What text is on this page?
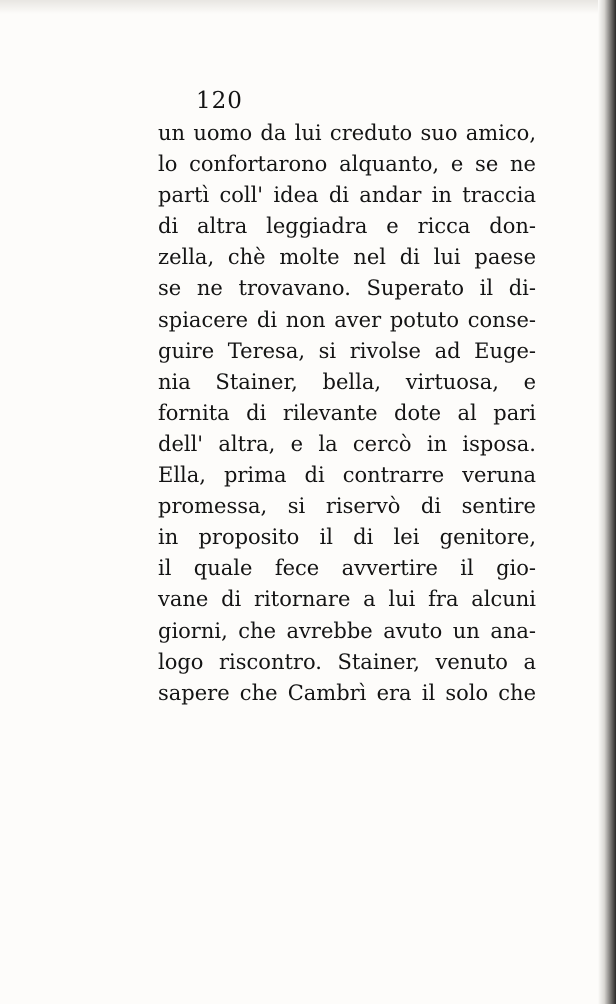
120
un uomo da lui creduto suo amico,
lo confortarono alquanto, e se ne
partì coll' idea di andar in traccia
di altra leggiadra e ricca don-
zella, chè molte nel di lui paese
se ne trovavano. Superato il di-
spiacere di non aver potuto conse-
guire Teresa, si rivolse ad Euge-
nia Stainer, bella, virtuosa, e
fornita di rilevante dote al pari
dell' altra, e la cercò in isposa.
Ella, prima di contrarre veruna
promessa, si riservò di sentire
in proposito il di lei genitore,
il quale fece avvertire il gio-
vane di ritornare a lui fra alcuni
giorni, che avrebbe avuto un ana-
logo riscontro. Stainer, venuto a
sapere che Cambrì era il solo che
